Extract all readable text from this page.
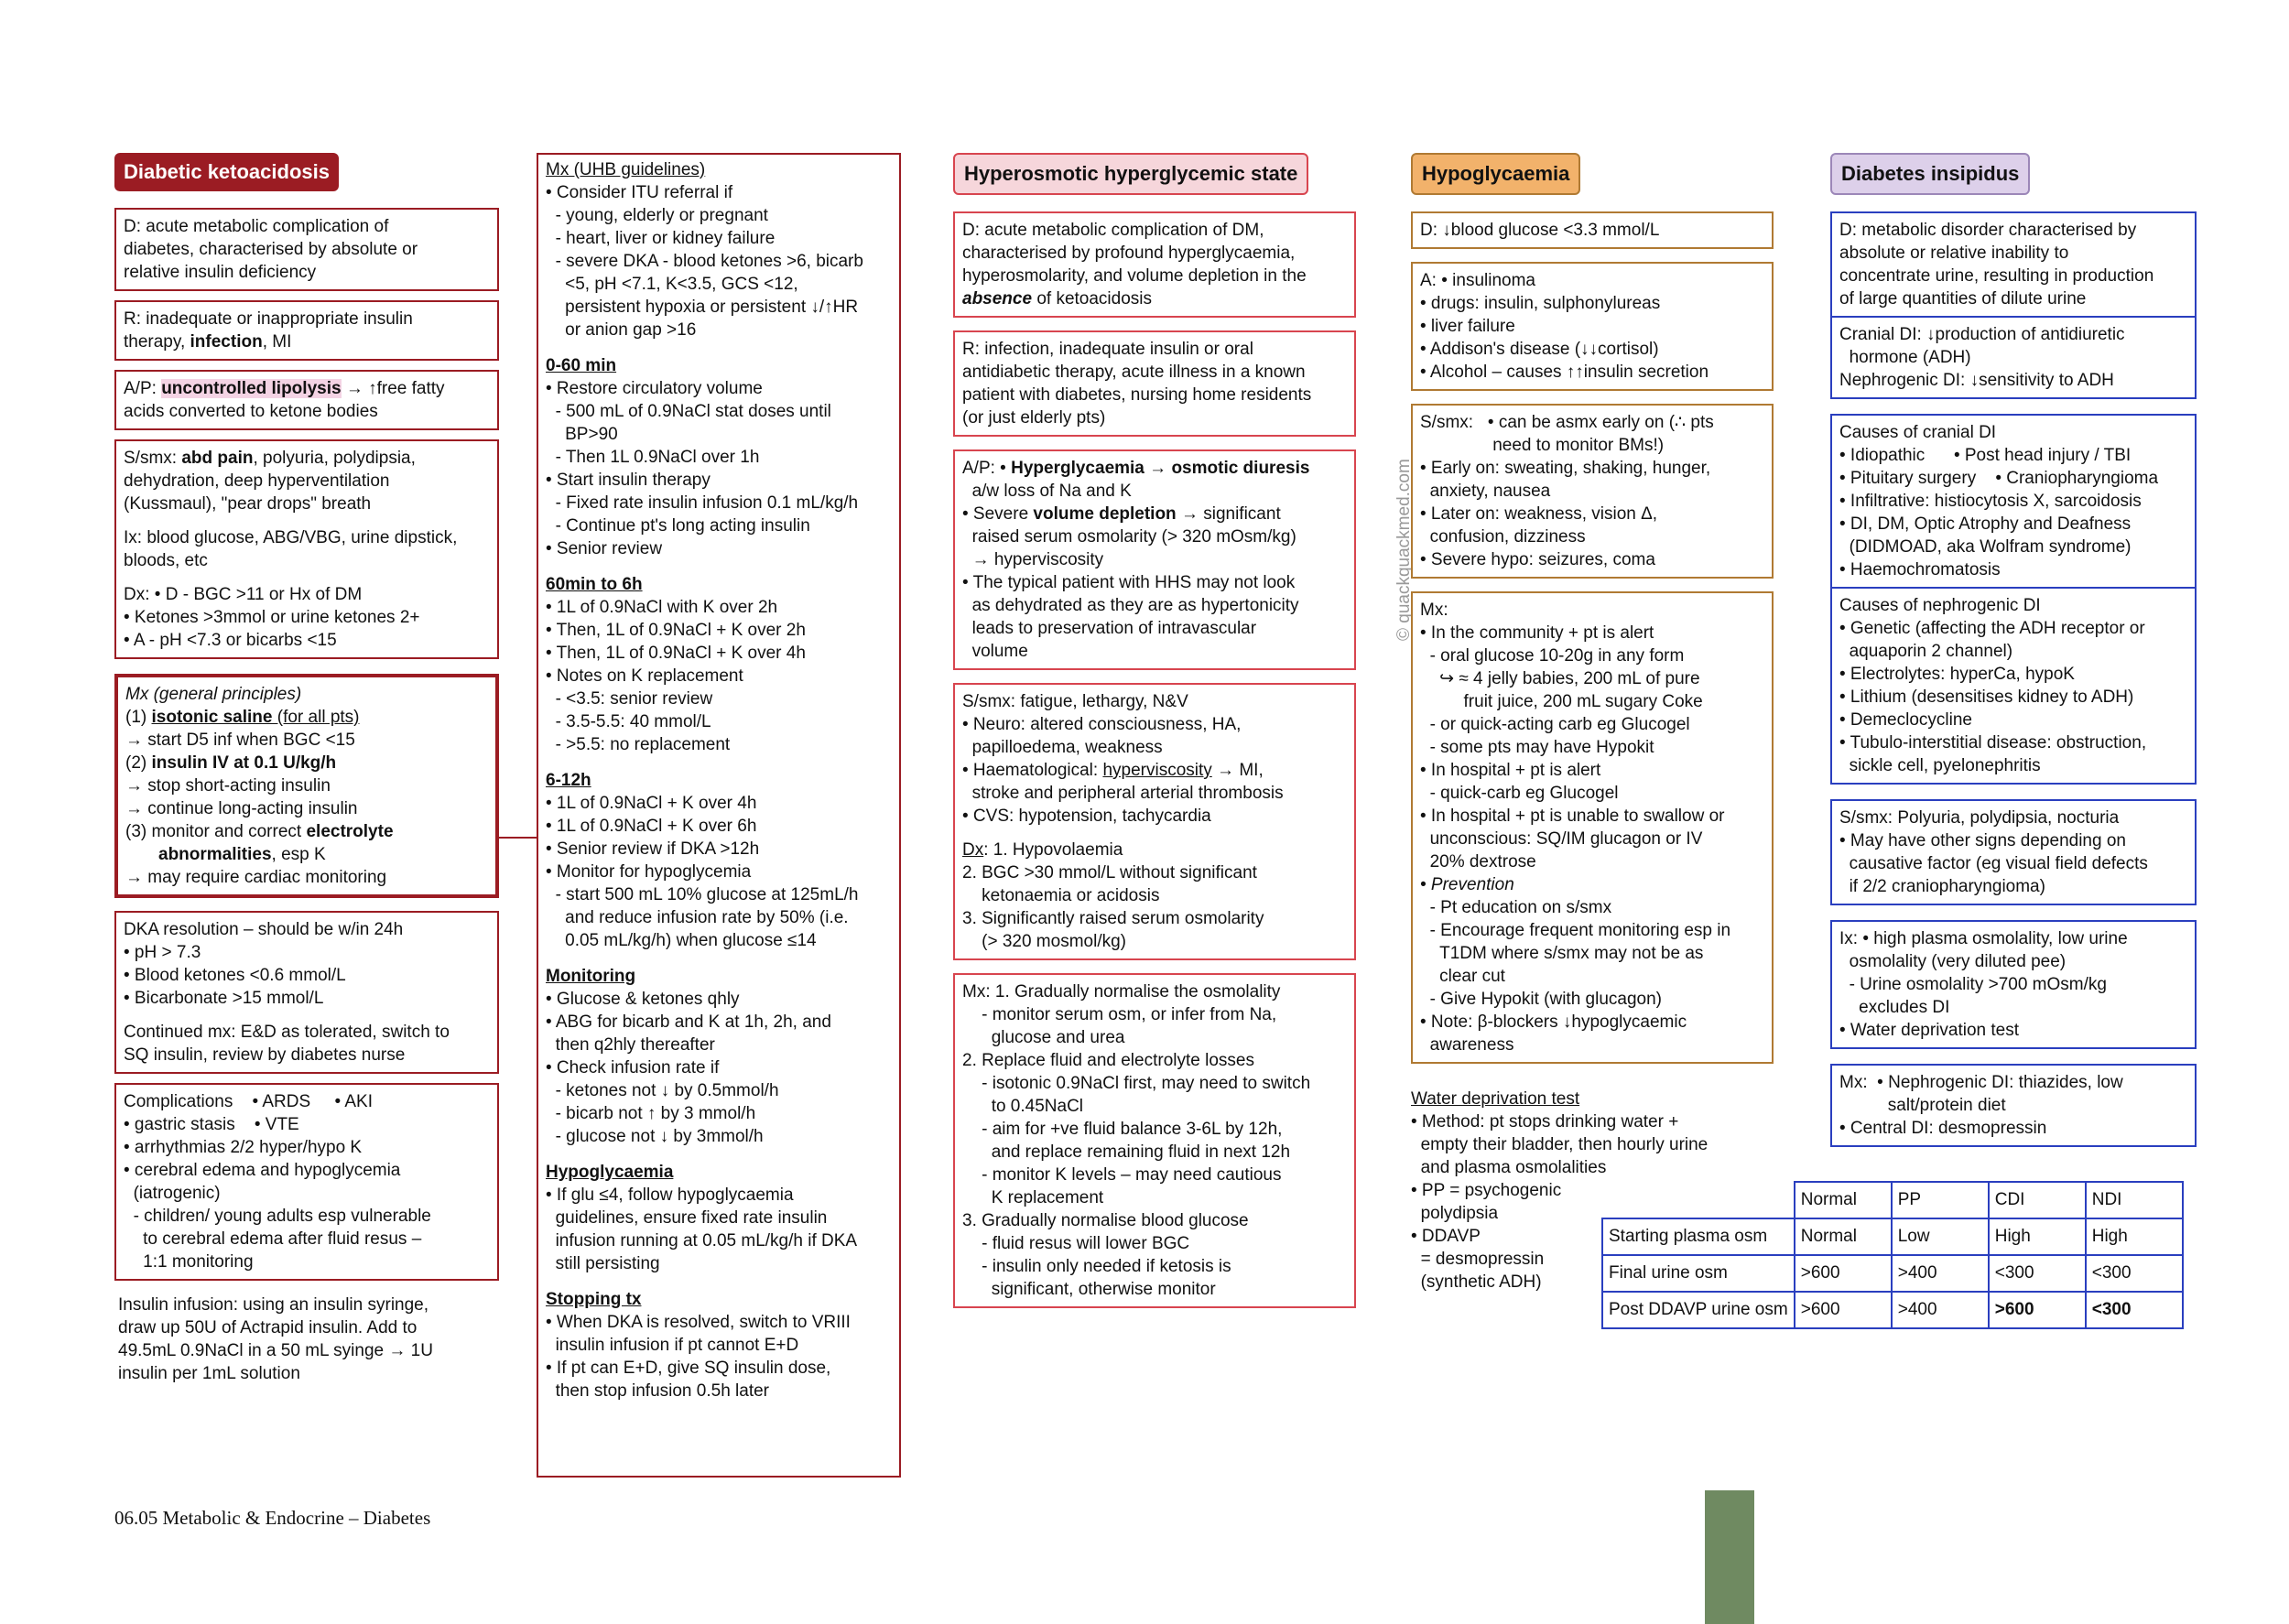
Diabetic ketoacidosis
D: acute metabolic complication of
diabetes, characterised by absolute or
relative insulin deficiency
R: inadequate or inappropriate insulin
therapy, infection, MI
A/P: uncontrolled lipolysis → ↑free fatty
acids converted to ketone bodies
S/smx: abd pain, polyuria, polydipsia,
dehydration, deep hyperventilation
(Kussmaul), "pear drops" breath
Ix: blood glucose, ABG/VBG, urine dipstick,
bloods, etc
Dx: • D - BGC >11 or Hx of DM
• Ketones >3mmol or urine ketones 2+
• A - pH <7.3 or bicarbs <15
Mx (general principles)
(1) isotonic saline (for all pts)
→ start D5 inf when BGC <15
(2) insulin IV at 0.1 U/kg/h
→ stop short-acting insulin
→ continue long-acting insulin
(3) monitor and correct electrolyte
abnormalities, esp K
→ may require cardiac monitoring
DKA resolution – should be w/in 24h
• pH > 7.3
• Blood ketones <0.6 mmol/L
• Bicarbonate >15 mmol/L
Continued mx: E&D as tolerated, switch to
SQ insulin, review by diabetes nurse
Complications    • ARDS     • AKI
• gastric stasis    • VTE
• arrhythmias 2/2 hyper/hypo K
• cerebral edema and hypoglycemia
(iatrogenic)
- children/ young adults esp vulnerable
to cerebral edema after fluid resus –
1:1 monitoring
Insulin infusion: using an insulin syringe,
draw up 50U of Actrapid insulin. Add to
49.5mL 0.9NaCl in a 50 mL syinge → 1U
insulin per 1mL solution
06.05 Metabolic & Endocrine – Diabetes
Mx (UHB guidelines)
• Consider ITU referral if
- young, elderly or pregnant
- heart, liver or kidney failure
- severe DKA - blood ketones >6, bicarb
<5, pH <7.1, K<3.5, GCS <12,
persistent hypoxia or persistent ↓/↑HR
or anion gap >16
0-60 min
• Restore circulatory volume
- 500 mL of 0.9NaCl stat doses until
BP>90
- Then 1L 0.9NaCl over 1h
• Start insulin therapy
- Fixed rate insulin infusion 0.1 mL/kg/h
- Continue pt's long acting insulin
• Senior review
60min to 6h
• 1L of 0.9NaCl with K over 2h
• Then, 1L of 0.9NaCl + K over 2h
• Then, 1L of 0.9NaCl + K over 4h
• Notes on K replacement
- <3.5: senior review
- 3.5-5.5: 40 mmol/L
- >5.5: no replacement
6-12h
• 1L of 0.9NaCl + K over 4h
• 1L of 0.9NaCl + K over 6h
• Senior review if DKA >12h
• Monitor for hypoglycemia
- start 500 mL 10% glucose at 125mL/h
and reduce infusion rate by 50% (i.e.
0.05 mL/kg/h) when glucose ≤14
Monitoring
• Glucose & ketones qhly
• ABG for bicarb and K at 1h, 2h, and
then q2hly thereafter
• Check infusion rate if
- ketones not ↓ by 0.5mmol/h
- bicarb not ↑ by 3 mmol/h
- glucose not ↓ by 3mmol/h
Hypoglycaemia
• If glu ≤4, follow hypoglycaemia
guidelines, ensure fixed rate insulin
infusion running at 0.05 mL/kg/h if DKA
still persisting
Stopping tx
• When DKA is resolved, switch to VRIII
insulin infusion if pt cannot E+D
• If pt can E+D, give SQ insulin dose,
then stop infusion 0.5h later
Hyperosmotic hyperglycemic state
D: acute metabolic complication of DM,
characterised by profound hyperglycaemia,
hyperosmolarity, and volume depletion in the
absence of ketoacidosis
R: infection, inadequate insulin or oral
antidiabetic therapy, acute illness in a known
patient with diabetes, nursing home residents
(or just elderly pts)
A/P: • Hyperglycaemia → osmotic diuresis
a/w loss of Na and K
• Severe volume depletion → significant
raised serum osmolarity (> 320 mOsm/kg)
→ hyperviscosity
• The typical patient with HHS may not look
as dehydrated as they are as hypertonicity
leads to preservation of intravascular
volume
S/smx: fatigue, lethargy, N&V
• Neuro: altered consciousness, HA,
papilloedema, weakness
• Haematological: hyperviscosity → MI,
stroke and peripheral arterial thrombosis
• CVS: hypotension, tachycardia
Dx: 1. Hypovolaemia
2. BGC >30 mmol/L without significant
ketonaemia or acidosis
3. Significantly raised serum osmolarity
(> 320 mosmol/kg)
Mx: 1. Gradually normalise the osmolality
- monitor serum osm, or infer from Na,
glucose and urea
2. Replace fluid and electrolyte losses
- isotonic 0.9NaCl first, may need to switch
to 0.45NaCl
- aim for +ve fluid balance 3-6L by 12h,
and replace remaining fluid in next 12h
- monitor K levels – may need cautious
K replacement
3. Gradually normalise blood glucose
- fluid resus will lower BGC
- insulin only needed if ketosis is
significant, otherwise monitor
© quackquackmed.com
Hypoglycaemia
D: ↓blood glucose <3.3 mmol/L
A: • insulinoma
• drugs: insulin, sulphonylureas
• liver failure
• Addison's disease (↓↓cortisol)
• Alcohol – causes ↑↑insulin secretion
S/smx:   • can be asmx early on (∴ pts
need to monitor BMs!)
• Early on: sweating, shaking, hunger,
anxiety, nausea
• Later on: weakness, vision Δ,
confusion, dizziness
• Severe hypo: seizures, coma
Mx:
• In the community + pt is alert
- oral glucose 10-20g in any form
↪ ≈ 4 jelly babies, 200 mL of pure
fruit juice, 200 mL sugary Coke
- or quick-acting carb eg Glucogel
- some pts may have Hypokit
• In hospital + pt is alert
- quick-carb eg Glucogel
• In hospital + pt is unable to swallow or
unconscious: SQ/IM glucagon or IV
20% dextrose
• Prevention
- Pt education on s/smx
- Encourage frequent monitoring esp in
T1DM where s/smx may not be as
clear cut
- Give Hypokit (with glucagon)
• Note: β-blockers ↓hypoglycaemic
awareness
Water deprivation test
• Method: pt stops drinking water +
empty their bladder, then hourly urine
and plasma osmolalities
• PP = psychogenic
polydipsia
• DDAVP
= desmopressin
(synthetic ADH)
Diabetes insipidus
D: metabolic disorder characterised by
absolute or relative inability to
concentrate urine, resulting in production
of large quantities of dilute urine
Cranial DI: ↓production of antidiuretic
hormone (ADH)
Nephrogenic DI: ↓sensitivity to ADH
Causes of cranial DI
• Idiopathic      • Post head injury / TBI
• Pituitary surgery    • Craniopharyngioma
• Infiltrative: histiocytosis X, sarcoidosis
• DI, DM, Optic Atrophy and Deafness
(DIDMOAD, aka Wolfram syndrome)
• Haemochromatosis
Causes of nephrogenic DI
• Genetic (affecting the ADH receptor or
aquaporin 2 channel)
• Electrolytes: hyperCa, hypoK
• Lithium (desensitises kidney to ADH)
• Demeclocycline
• Tubulo-interstitial disease: obstruction,
sickle cell, pyelonephritis
S/smx: Polyuria, polydipsia, nocturia
• May have other signs depending on
causative factor (eg visual field defects
if 2/2 craniopharyngioma)
Ix: • high plasma osmolality, low urine
osmolality (very diluted pee)
- Urine osmolality >700 mOsm/kg
excludes DI
• Water deprivation test
Mx:  • Nephrogenic DI: thiazides, low
salt/protein diet
• Central DI: desmopressin
	Normal	PP	CDI	NDI
Starting plasma osm	Normal	Low	High	High
Final urine osm	>600	>400	<300	<300
Post DDAVP urine osm	>600	>400	>600	<300
